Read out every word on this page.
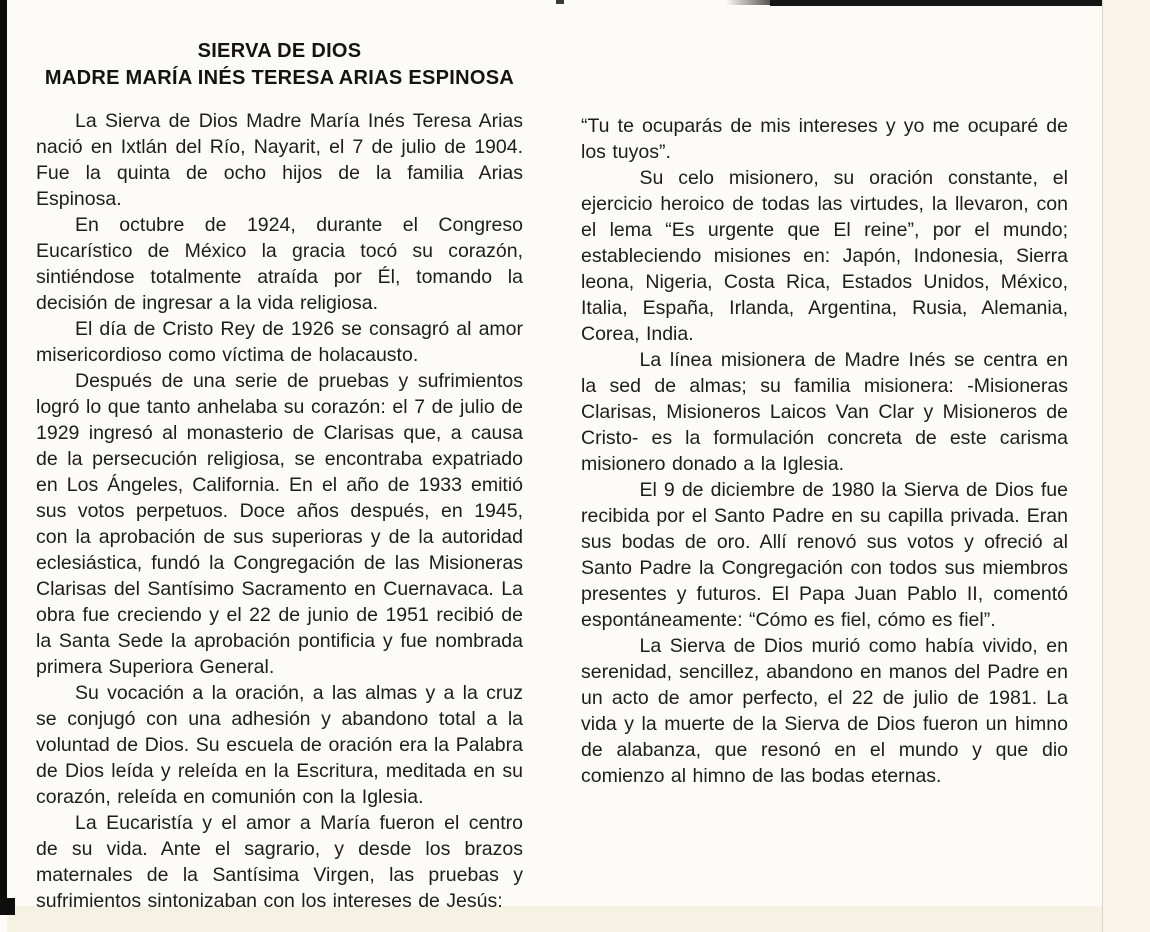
SIERVA DE DIOS
MADRE MARÍA INÉS TERESA ARIAS ESPINOSA

La Sierva de Dios Madre María Inés Teresa Arias nació en Ixtlán del Río, Nayarit, el 7 de julio de 1904. Fue la quinta de ocho hijos de la familia Arias Espinosa.

En octubre de 1924, durante el Congreso Eucarístico de México la gracia tocó su corazón, sintiéndose totalmente atraída por Él, tomando la decisión de ingresar a la vida religiosa.

El día de Cristo Rey de 1926 se consagró al amor misericordioso como víctima de holacausto.

Después de una serie de pruebas y sufrimientos logró lo que tanto anhelaba su corazón: el 7 de julio de 1929 ingresó al monasterio de Clarisas que, a causa de la persecución religiosa, se encontraba expatriado en Los Ángeles, California. En el año de 1933 emitió sus votos perpetuos. Doce años después, en 1945, con la aprobación de sus superioras y de la autoridad eclesiástica, fundó la Congregación de las Misioneras Clarisas del Santísimo Sacramento en Cuernavaca. La obra fue creciendo y el 22 de junio de 1951 recibió de la Santa Sede la aprobación pontificia y fue nombrada primera Superiora General.

Su vocación a la oración, a las almas y a la cruz se conjugó con una adhesión y abandono total a la voluntad de Dios. Su escuela de oración era la Palabra de Dios leída y releída en la Escritura, meditada en su corazón, releída en comunión con la Iglesia.

La Eucaristía y el amor a María fueron el centro de su vida. Ante el sagrario, y desde los brazos maternales de la Santísima Virgen, las pruebas y sufrimientos sintonizaban con los intereses de Jesús:

“Tu te ocuparás de mis intereses y yo me ocuparé de los tuyos”.

Su celo misionero, su oración constante, el ejercicio heroico de todas las virtudes, la llevaron, con el lema “Es urgente que El reine”, por el mundo; estableciendo misiones en: Japón, Indonesia, Sierra leona, Nigeria, Costa Rica, Estados Unidos, México, Italia, España, Irlanda, Argentina, Rusia, Alemania, Corea, India.

La línea misionera de Madre Inés se centra en la sed de almas; su familia misionera: -Misioneras Clarisas, Misioneros Laicos Van Clar y Misioneros de Cristo- es la formulación concreta de este carisma misionero donado a la Iglesia.

El 9 de diciembre de 1980 la Sierva de Dios fue recibida por el Santo Padre en su capilla privada. Eran sus bodas de oro. Allí renovó sus votos y ofreció al Santo Padre la Congregación con todos sus miembros presentes y futuros. El Papa Juan Pablo II, comentó espontáneamente: “Cómo es fiel, cómo es fiel”.

La Sierva de Dios murió como había vivido, en serenidad, sencillez, abandono en manos del Padre en un acto de amor perfecto, el 22 de julio de 1981. La vida y la muerte de la Sierva de Dios fueron un himno de alabanza, que resonó en el mundo y que dio comienzo al himno de las bodas eternas.
